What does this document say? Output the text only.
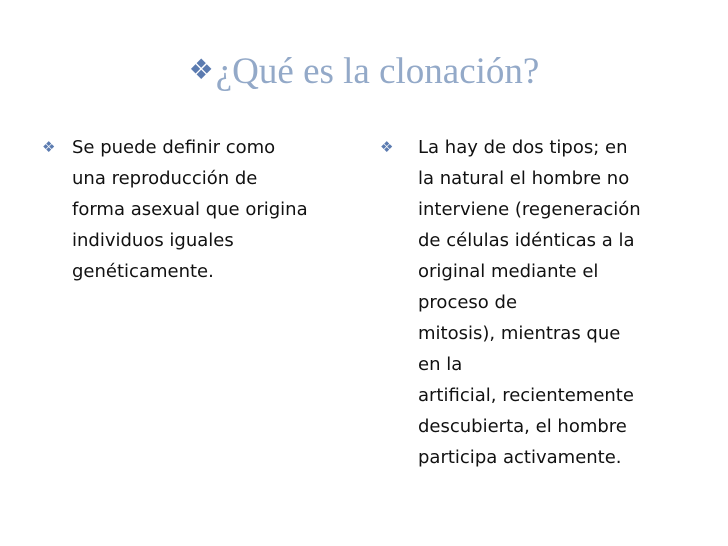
❖¿Qué es la clonación?
❖ Se puede definir como
una reproducción de
forma asexual que origina
individuos iguales
genéticamente.
❖	La hay de dos tipos; en
la natural el hombre no
interviene (regeneración
de células idénticas a la
original mediante el
proceso de
mitosis), mientras que
en la
artificial, recientemente
descubierta, el hombre
participa activamente.
